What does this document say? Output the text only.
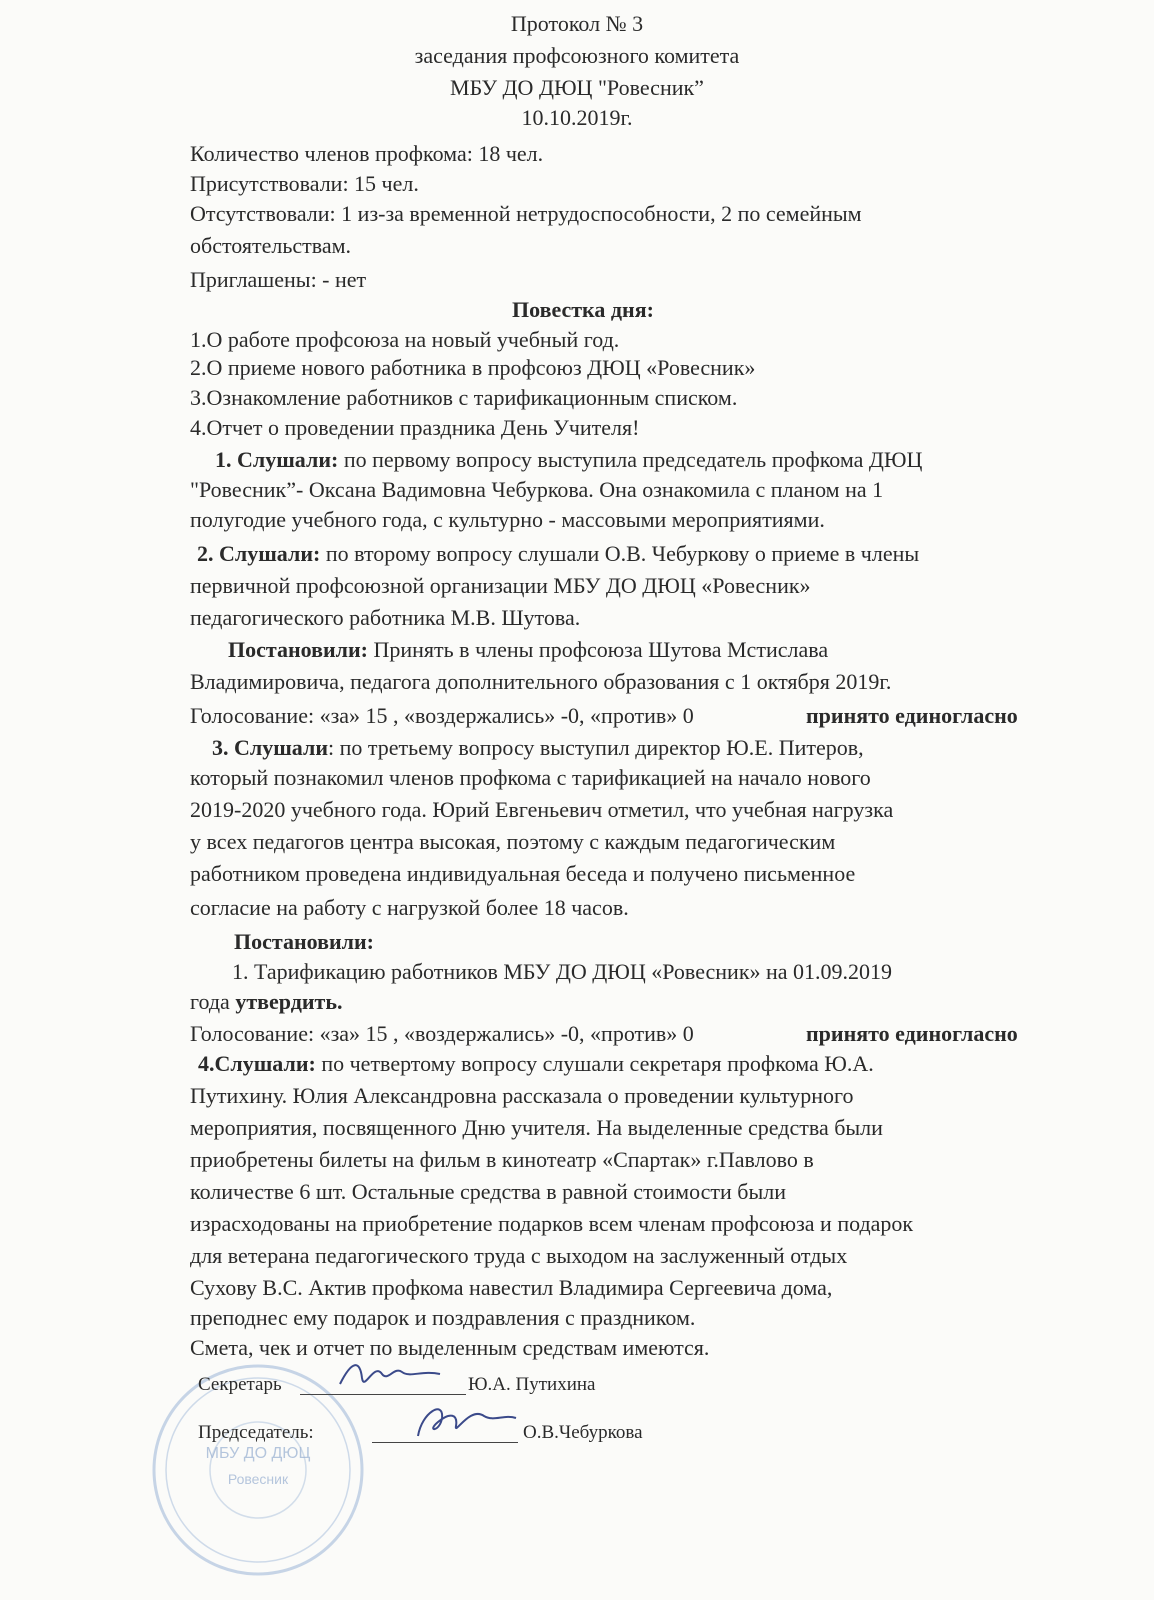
Протокол № 3
заседания профсоюзного комитета
МБУ ДО ДЮЦ "Ровесник”
10.10.2019г.
Количество членов профкома: 18 чел.
Присутствовали: 15 чел.
Отсутствовали: 1 из-за временной нетрудоспособности, 2 по семейным
обстоятельствам.
Приглашены: - нет
Повестка дня:
1.О работе профсоюза на новый учебный год.
2.О приеме нового работника в профсоюз ДЮЦ «Ровесник»
3.Ознакомление работников с тарификационным списком.
4.Отчет о проведении праздника День Учителя!
1. Слушали: по первому вопросу выступила председатель профкома ДЮЦ
"Ровесник”- Оксана Вадимовна Чебуркова. Она ознакомила с планом на 1
полугодие учебного года, с культурно - массовыми мероприятиями.
2. Слушали: по второму вопросу слушали О.В. Чебуркову о приеме в члены
первичной профсоюзной организации МБУ ДО ДЮЦ «Ровесник»
педагогического работника М.В. Шутова.
Постановили: Принять в члены профсоюза Шутова Мстислава
Владимировича, педагога дополнительного образования с 1 октября 2019г.
Голосование: «за» 15 , «воздержались» -0, «против» 0	принято единогласно
3. Слушали: по третьему вопросу выступил директор Ю.Е. Питеров,
который познакомил членов профкома с тарификацией на начало нового
2019-2020 учебного года. Юрий Евгеньевич отметил, что учебная нагрузка
у всех педагогов центра высокая, поэтому с каждым педагогическим
работником проведена индивидуальная беседа и получено письменное
согласие на работу с нагрузкой более 18 часов.
Постановили:
1. Тарификацию работников МБУ ДО ДЮЦ «Ровесник» на 01.09.2019
года утвердить.
Голосование: «за» 15 , «воздержались» -0, «против» 0	принято единогласно
4.Слушали: по четвертому вопросу слушали секретаря профкома Ю.А.
Путихину. Юлия Александровна рассказала о проведении культурного
мероприятия, посвященного Дню учителя. На выделенные средства были
приобретены билеты на фильм в кинотеатр «Спартак» г.Павлово в
количестве 6 шт. Остальные средства в равной стоимости были
израсходованы на приобретение подарков всем членам профсоюза и подарок
для ветерана педагогического труда с выходом на заслуженный отдых
Сухову В.С. Актив профкома навестил Владимира Сергеевича дома,
преподнес ему подарок и поздравления с праздником.
Смета, чек и отчет по выделенным средствам имеются.
МБУ ДО ДЮЦ
Ровесник
Секретарь	Ю.А. Путихина
Председатель:	О.В.Чебуркова
